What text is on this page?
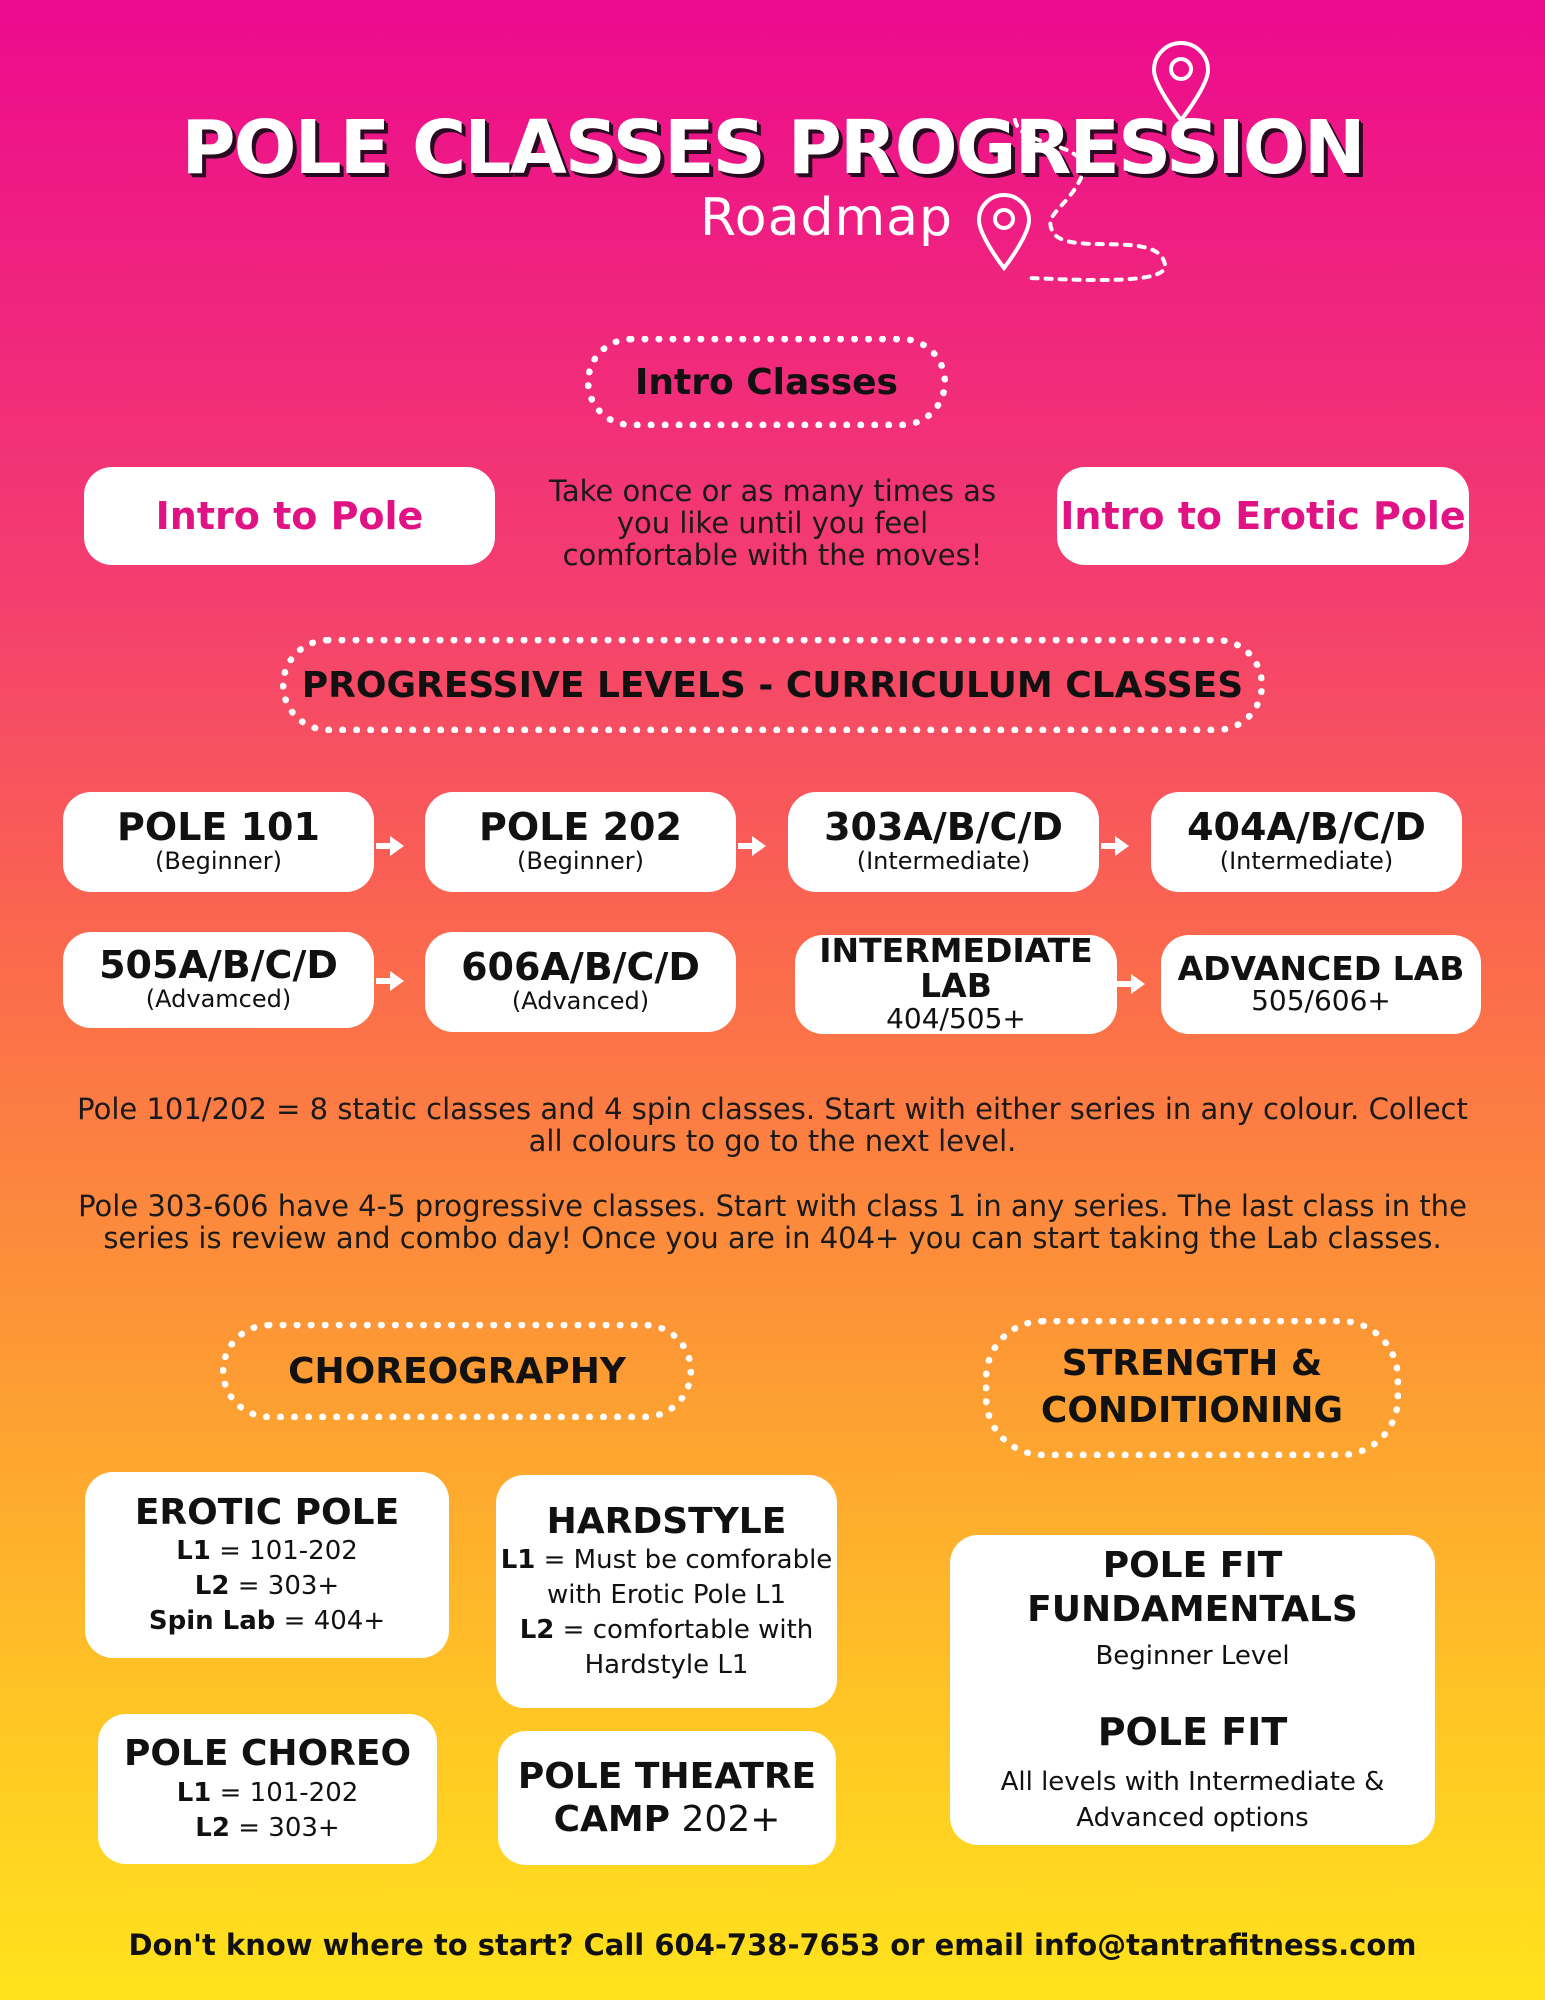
POLE CLASSES PROGRESSION
Roadmap
Intro Classes
Intro to Pole	Intro to Erotic Pole
Take once or as many times as
you like until you feel
comfortable with the moves!
PROGRESSIVE LEVELS - CURRICULUM CLASSES
POLE 101
(Beginner)
POLE 202
(Beginner)
303A/B/C/D
(Intermediate)
404A/B/C/D
(Intermediate)
505A/B/C/D
(Advamced)
606A/B/C/D
(Advanced)
INTERMEDIATE LAB
404/505+
ADVANCED LAB
505/606+
Pole 101/202 = 8 static classes and 4 spin classes. Start with either series in any colour. Collect
all colours to go to the next level.
Pole 303-606 have 4-5 progressive classes. Start with class 1 in any series. The last class in the
series is review and combo day! Once you are in 404+ you can start taking the Lab classes.
CHOREOGRAPHY
EROTIC POLE
L1 = 101-202
L2 = 303+
Spin Lab = 404+
HARDSTYLE
L1 = Must be comforable
with Erotic Pole L1
L2 = comfortable with
Hardstyle L1
POLE CHOREO
L1 = 101-202
L2 = 303+
POLE THEATRE
CAMP 202+
STRENGTH &
CONDITIONING
POLE FIT FUNDAMENTALS
Beginner Level
POLE FIT
All levels with Intermediate &
Advanced options
Don't know where to start? Call 604-738-7653 or email info@tantrafitness.com
